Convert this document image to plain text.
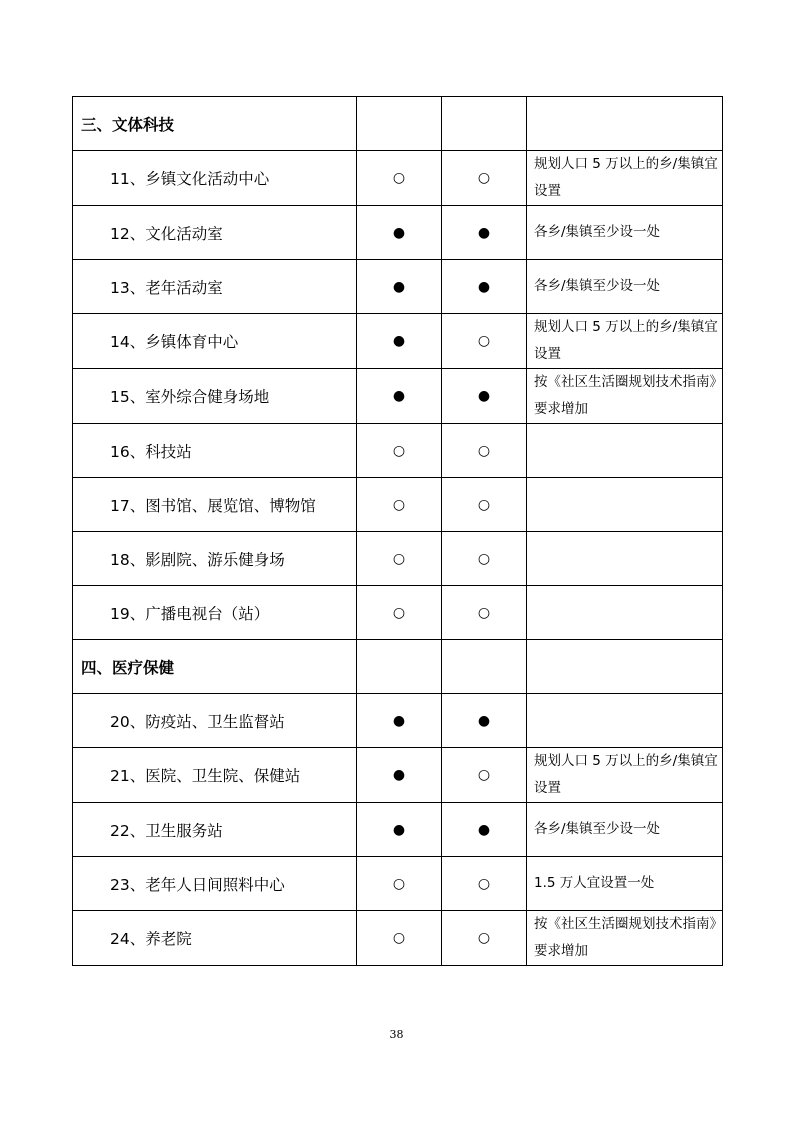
三、文体科技			
11、乡镇文化活动中心	○	○	规划人口 5 万以上的乡/集镇宜设置
12、文化活动室	●	●	各乡/集镇至少设一处
13、老年活动室	●	●	各乡/集镇至少设一处
14、乡镇体育中心	●	○	规划人口 5 万以上的乡/集镇宜设置
15、室外综合健身场地	●	●	按《社区生活圈规划技术指南》要求增加
16、科技站	○	○	
17、图书馆、展览馆、博物馆	○	○	
18、影剧院、游乐健身场	○	○	
19、广播电视台（站）	○	○	
四、医疗保健			
20、防疫站、卫生监督站	●	●	
21、医院、卫生院、保健站	●	○	规划人口 5 万以上的乡/集镇宜设置
22、卫生服务站	●	●	各乡/集镇至少设一处
23、老年人日间照料中心	○	○	1.5 万人宜设置一处
24、养老院	○	○	按《社区生活圈规划技术指南》要求增加
38
